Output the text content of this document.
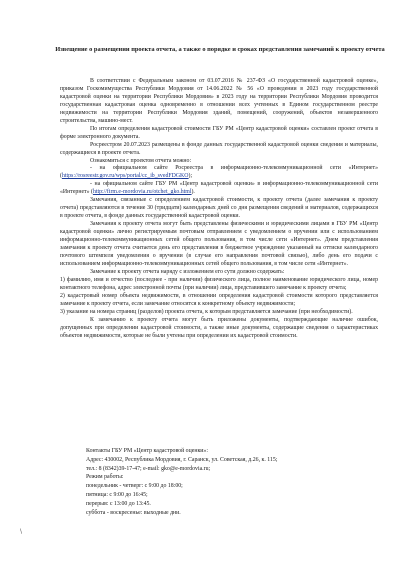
Извещение о размещении проекта отчета, а также о порядке и сроках представления замечаний к проекту отчета

В соответствии с Федеральным законом от 03.07.2016 № 237-ФЗ «О государственной кадастровой оценке», приказом Госкомимущества Республики Мордовия от 14.06.2022 № 56 «О проведении в 2023 году государственной кадастровой оценки на территории Республики Мордовия» в 2023 году на территории Республики Мордовия проводится государственная кадастровая оценка одновременно в отношении всех учтенных в Едином государственном реестре недвижимости на территории Республики Мордовия зданий, помещений, сооружений, объектов незавершенного строительства, машино-мест.

По итогам определения кадастровой стоимости ГБУ РМ «Центр кадастровой оценки» составлен проект отчета в форме электронного документа.

Росреестром 20.07.2023 размещены в фонде данных государственной кадастровой оценки сведения и материалы, содержащиеся в проекте отчета.

Ознакомиться с проектом отчета можно:

- на официальном сайте Росреестра в информационно-телекоммуникационной сети «Интернет» (https://rosreestr.gov.ru/wps/portal/cc_ib_svedFDGKO);

- на официальном сайте ГБУ РМ «Центр кадастровой оценки» в информационно-телекоммуникационной сети «Интернет» (http://firm.e-mordovia.ru/otchet_gko.html).

Замечания, связанные с определением кадастровой стоимости, к проекту отчета (далее замечания к проекту отчета) представляются в течение 30 (тридцати) календарных дней со дня размещения сведений и материалов, содержащихся в проекте отчета, в фонде данных государственной кадастровой оценки.

Замечания к проекту отчета могут быть представлены физическими и юридическими лицами в ГБУ РМ «Центр кадастровой оценки» лично регистрируемым почтовым отправлением с уведомлением о вручении или с использованием информационно-телекоммуникационных сетей общего пользования, в том числе сети «Интернет». Днем представления замечания к проекту отчета считается день его представления в бюджетное учреждение указанный на оттиске календарного почтового штемпеля уведомления о вручении (в случае его направления почтовой связью), либо день его подачи с использованием информационно-телекоммуникационных сетей общего пользования, в том числе сети «Интернет».

Замечание к проекту отчета наряду с изложением его сути должно содержать:

1) фамилию, имя и отчество (последнее - при наличии) физического лица, полное наименование юридического лица, номер контактного телефона, адрес электронной почты (при наличии) лица, представившего замечание к проекту отчета;

2) кадастровый номер объекта недвижимости, в отношении определения кадастровой стоимости которого представляется замечание к проекту отчета, если замечание относится к конкретному объекту недвижимости;

3) указание на номера страниц (разделов) проекта отчета, к которым представляется замечание (при необходимости).

К замечанию к проекту отчета могут быть приложены документы, подтверждающие наличие ошибок, допущенных при определении кадастровой стоимости, а также иные документы, содержащие сведения о характеристиках объектов недвижимости, которые не были учтены при определении их кадастровой стоимости.

Контакты ГБУ РМ «Центр кадастровой оценки»:
Адрес: 430002, Республика Мордовия, г. Саранск, ул. Советская, д.26, к. 115;
тел.: 8 (8342)39-17-47; e-mail: gko@e-mordovia.ru;
Режим работы:
понедельник - четверг: с 9:00 до 18:00;
пятница: с 9:00 до 16:45;
перерыв: с 13:00 до 13:45.
суббота - воскресенье: выходные дни.
\
